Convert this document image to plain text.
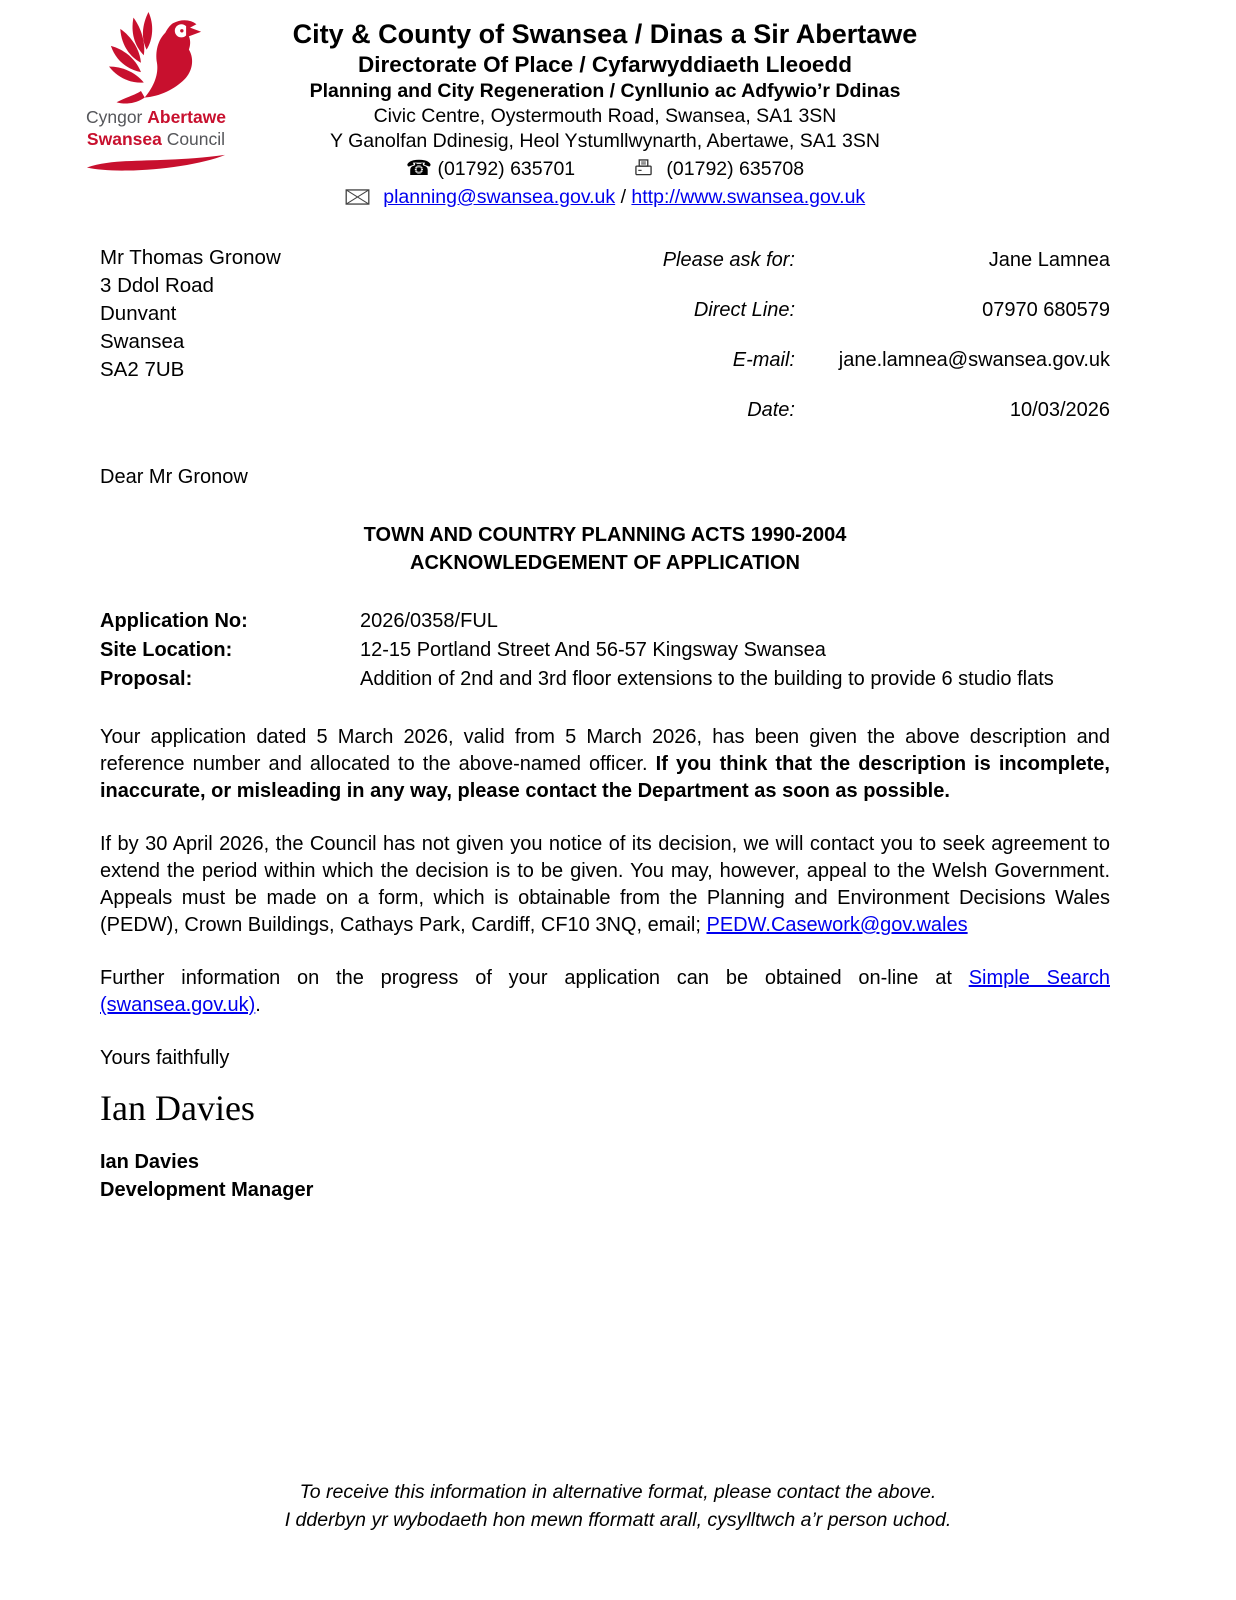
Cyngor Abertawe
Swansea Council
City & County of Swansea / Dinas a Sir Abertawe
Directorate Of Place / Cyfarwyddiaeth Lleoedd
Planning and City Regeneration / Cynllunio ac Adfywio’r Ddinas
Civic Centre, Oystermouth Road, Swansea, SA1 3SN
Y Ganolfan Ddinesig, Heol Ystumllwynarth, Abertawe, SA1 3SN
☎ (01792) 635701	(01792) 635708
planning@swansea.gov.uk / http://www.swansea.gov.uk
Mr Thomas Gronow
3 Ddol Road
Dunvant
Swansea
SA2 7UB
Please ask for:	Jane Lamnea
Direct Line:	07970 680579
E-mail:	jane.lamnea@swansea.gov.uk
Date:	10/03/2026
Dear Mr Gronow
TOWN AND COUNTRY PLANNING ACTS 1990-2004
ACKNOWLEDGEMENT OF APPLICATION
Application No:	2026/0358/FUL
Site Location:	12-15 Portland Street And 56-57 Kingsway Swansea
Proposal:	Addition of 2nd and 3rd floor extensions to the building to provide 6 studio flats

Your application dated 5 March 2026, valid from 5 March 2026, has been given the above description and reference number and allocated to the above-named officer. If you think that the description is incomplete, inaccurate, or misleading in any way, please contact the Department as soon as possible.

If by 30 April 2026, the Council has not given you notice of its decision, we will contact you to seek agreement to extend the period within which the decision is to be given. You may, however, appeal to the Welsh Government. Appeals must be made on a form, which is obtainable from the Planning and Environment Decisions Wales (PEDW), Crown Buildings, Cathays Park, Cardiff, CF10 3NQ, email; PEDW.Casework@gov.wales

Further information on the progress of your application can be obtained on-line at Simple Search (swansea.gov.uk).

Yours faithfully
Ian Davies
Ian Davies
Development Manager
To receive this information in alternative format, please contact the above.
I dderbyn yr wybodaeth hon mewn fformatt arall, cysylltwch a’r person uchod.
